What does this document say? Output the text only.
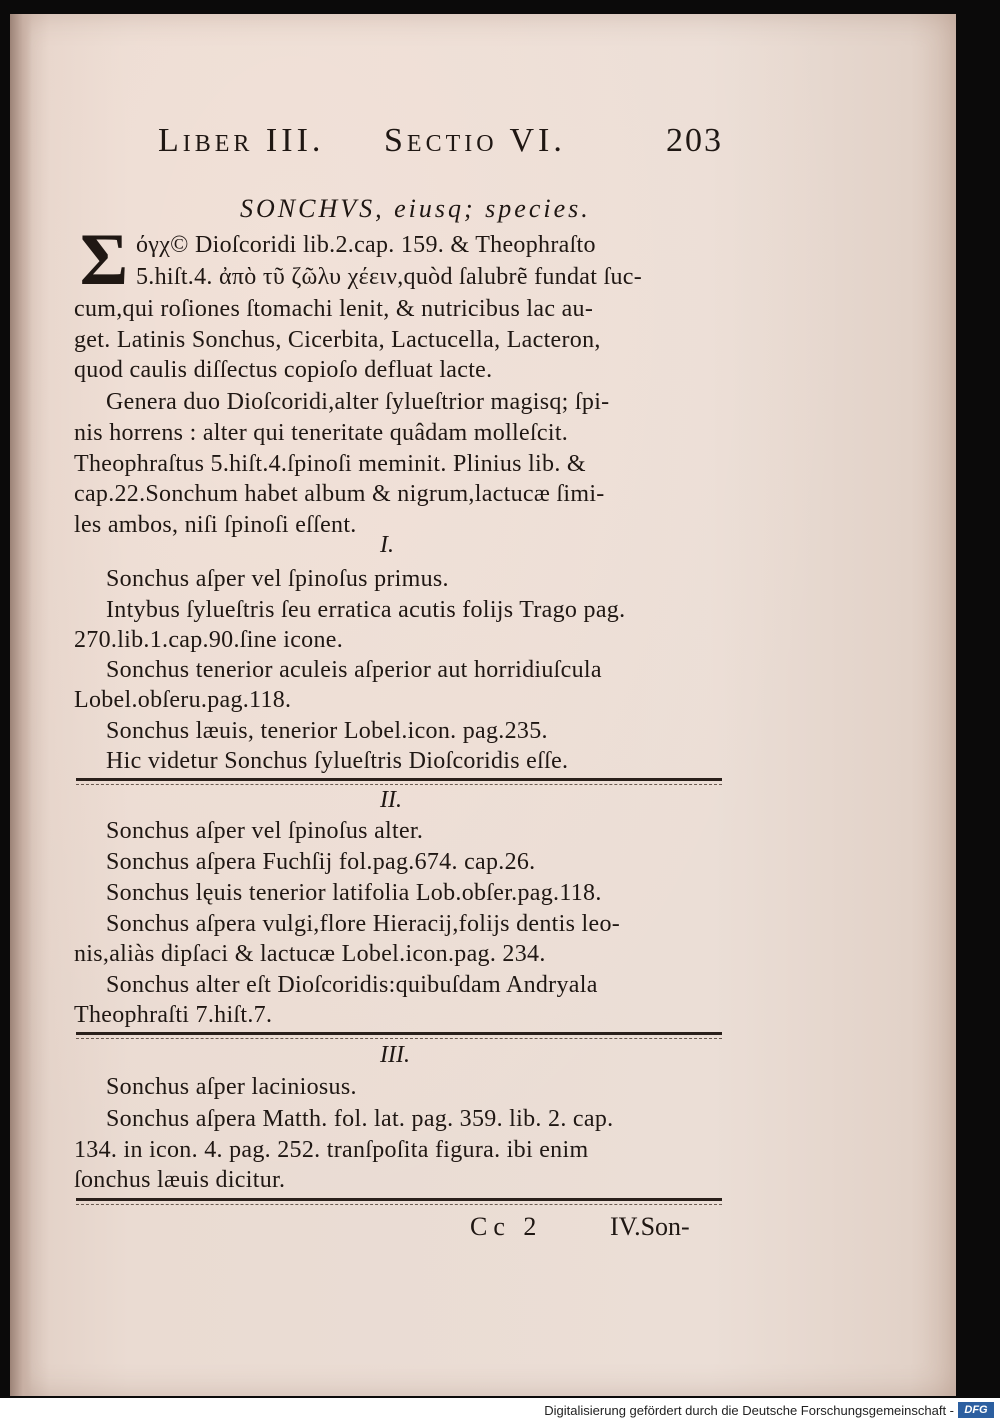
Liber III. Sectio VI.	203
SONCHVS, eiusq; species.
Σ όγχ© Dioſcoridi lib.2.cap. 159. & Theophraſto
5.hiſt.4. ἀπὸ τῦ ζῶλυ χέειν,quòd ſalubrẽ fundat ſuc-
cum,qui roſiones ſtomachi lenit, & nutricibus lac au-
get. Latinis Sonchus, Cicerbita, Lactucella, Lacteron,
quod caulis diſſectus copioſo defluat lacte.
Genera duo Dioſcoridi,alter ſylueſtrior magisq; ſpi-
nis horrens : alter qui teneritate quâdam molleſcit.
Theophraſtus 5.hiſt.4.ſpinoſi meminit. Plinius lib. &
cap.22.Sonchum habet album & nigrum,lactucæ ſimi-
les ambos, niſi ſpinoſi eſſent.
I.
Sonchus aſper vel ſpinoſus primus.
Intybus ſylueſtris ſeu erratica acutis folijs Trago pag.
270.lib.1.cap.90.ſine icone.
Sonchus tenerior aculeis aſperior aut horridiuſcula
Lobel.obſeru.pag.118.
Sonchus læuis, tenerior Lobel.icon. pag.235.
Hic videtur Sonchus ſylueſtris Dioſcoridis eſſe.
II.
Sonchus aſper vel ſpinoſus alter.
Sonchus aſpera Fuchſij fol.pag.674. cap.26.
Sonchus lęuis tenerior latifolia Lob.obſer.pag.118.
Sonchus aſpera vulgi,flore Hieracij,folijs dentis leo-
nis,aliàs dipſaci & lactucæ Lobel.icon.pag. 234.
Sonchus alter eſt Dioſcoridis:quibuſdam Andryala
Theophraſti 7.hiſt.7.
III.
Sonchus aſper laciniosus.
Sonchus aſpera Matth. fol. lat. pag. 359. lib. 2. cap.
134. in icon. 4. pag. 252. tranſpoſita figura. ibi enim
ſonchus læuis dicitur.
Cc 2	IV.Son-
Digitalisierung gefördert durch die Deutsche Forschungsgemeinschaft - DFG
